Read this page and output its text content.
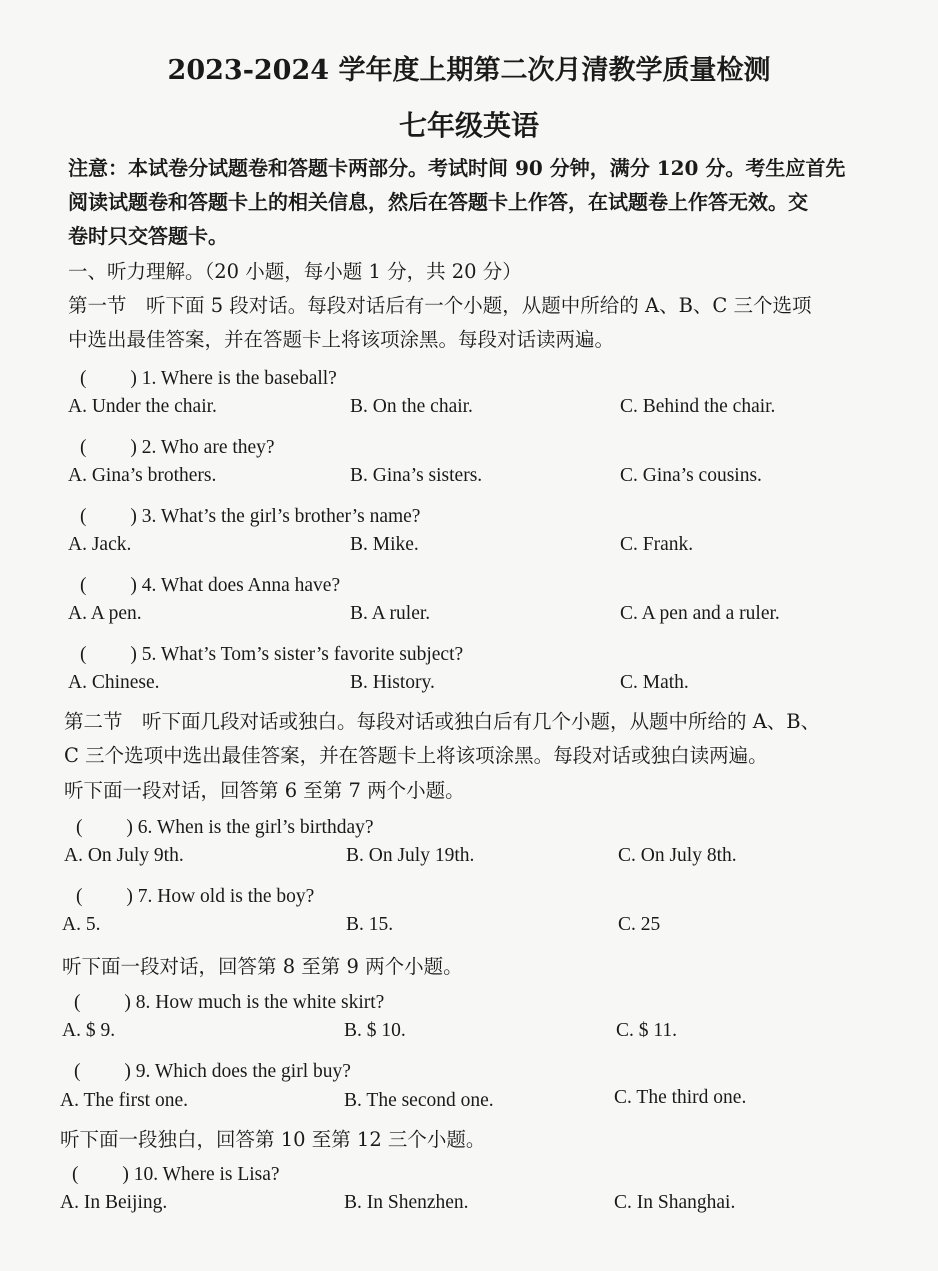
2023-2024 学年度上期第二次月清教学质量检测
七年级英语
注意：本试卷分试题卷和答题卡两部分。考试时间 90 分钟，满分 120 分。考生应首先
阅读试题卷和答题卡上的相关信息，然后在答题卡上作答，在试题卷上作答无效。交
卷时只交答题卡。
一、听力理解。（20 小题，每小题 1 分，共 20 分）
第一节　听下面 5 段对话。每段对话后有一个小题，从题中所给的 A、B、C 三个选项
中选出最佳答案，并在答题卡上将该项涂黑。每段对话读两遍。
(　　 ) 1. Where is the baseball?
A. Under the chair.	B. On the chair.	C. Behind the chair.
(　　 ) 2. Who are they?
A. Gina’s brothers.	B. Gina’s sisters.	C. Gina’s cousins.
(　　 ) 3. What’s the girl’s brother’s name?
A. Jack.	B. Mike.	C. Frank.
(　　 ) 4. What does Anna have?
A. A pen.	B. A ruler.	C. A pen and a ruler.
(　　 ) 5. What’s Tom’s sister’s favorite subject?
A. Chinese.	B. History.	C. Math.
第二节　听下面几段对话或独白。每段对话或独白后有几个小题，从题中所给的 A、B、
C 三个选项中选出最佳答案，并在答题卡上将该项涂黑。每段对话或独白读两遍。
听下面一段对话，回答第 6 至第 7 两个小题。
(　　 ) 6. When is the girl’s birthday?
A. On July 9th.	B. On July 19th.	C. On July 8th.
(　　 ) 7. How old is the boy?
A. 5.	B. 15.	C. 25
听下面一段对话，回答第 8 至第 9 两个小题。
(　　 ) 8. How much is the white skirt?
A. $ 9.	B. $ 10.	C. $ 11.
(　　 ) 9. Which does the girl buy?
A. The first one.	B. The second one.	C. The third one.
听下面一段独白，回答第 10 至第 12 三个小题。
(　　 ) 10. Where is Lisa?
A. In Beijing.	B. In Shenzhen.	C. In Shanghai.
